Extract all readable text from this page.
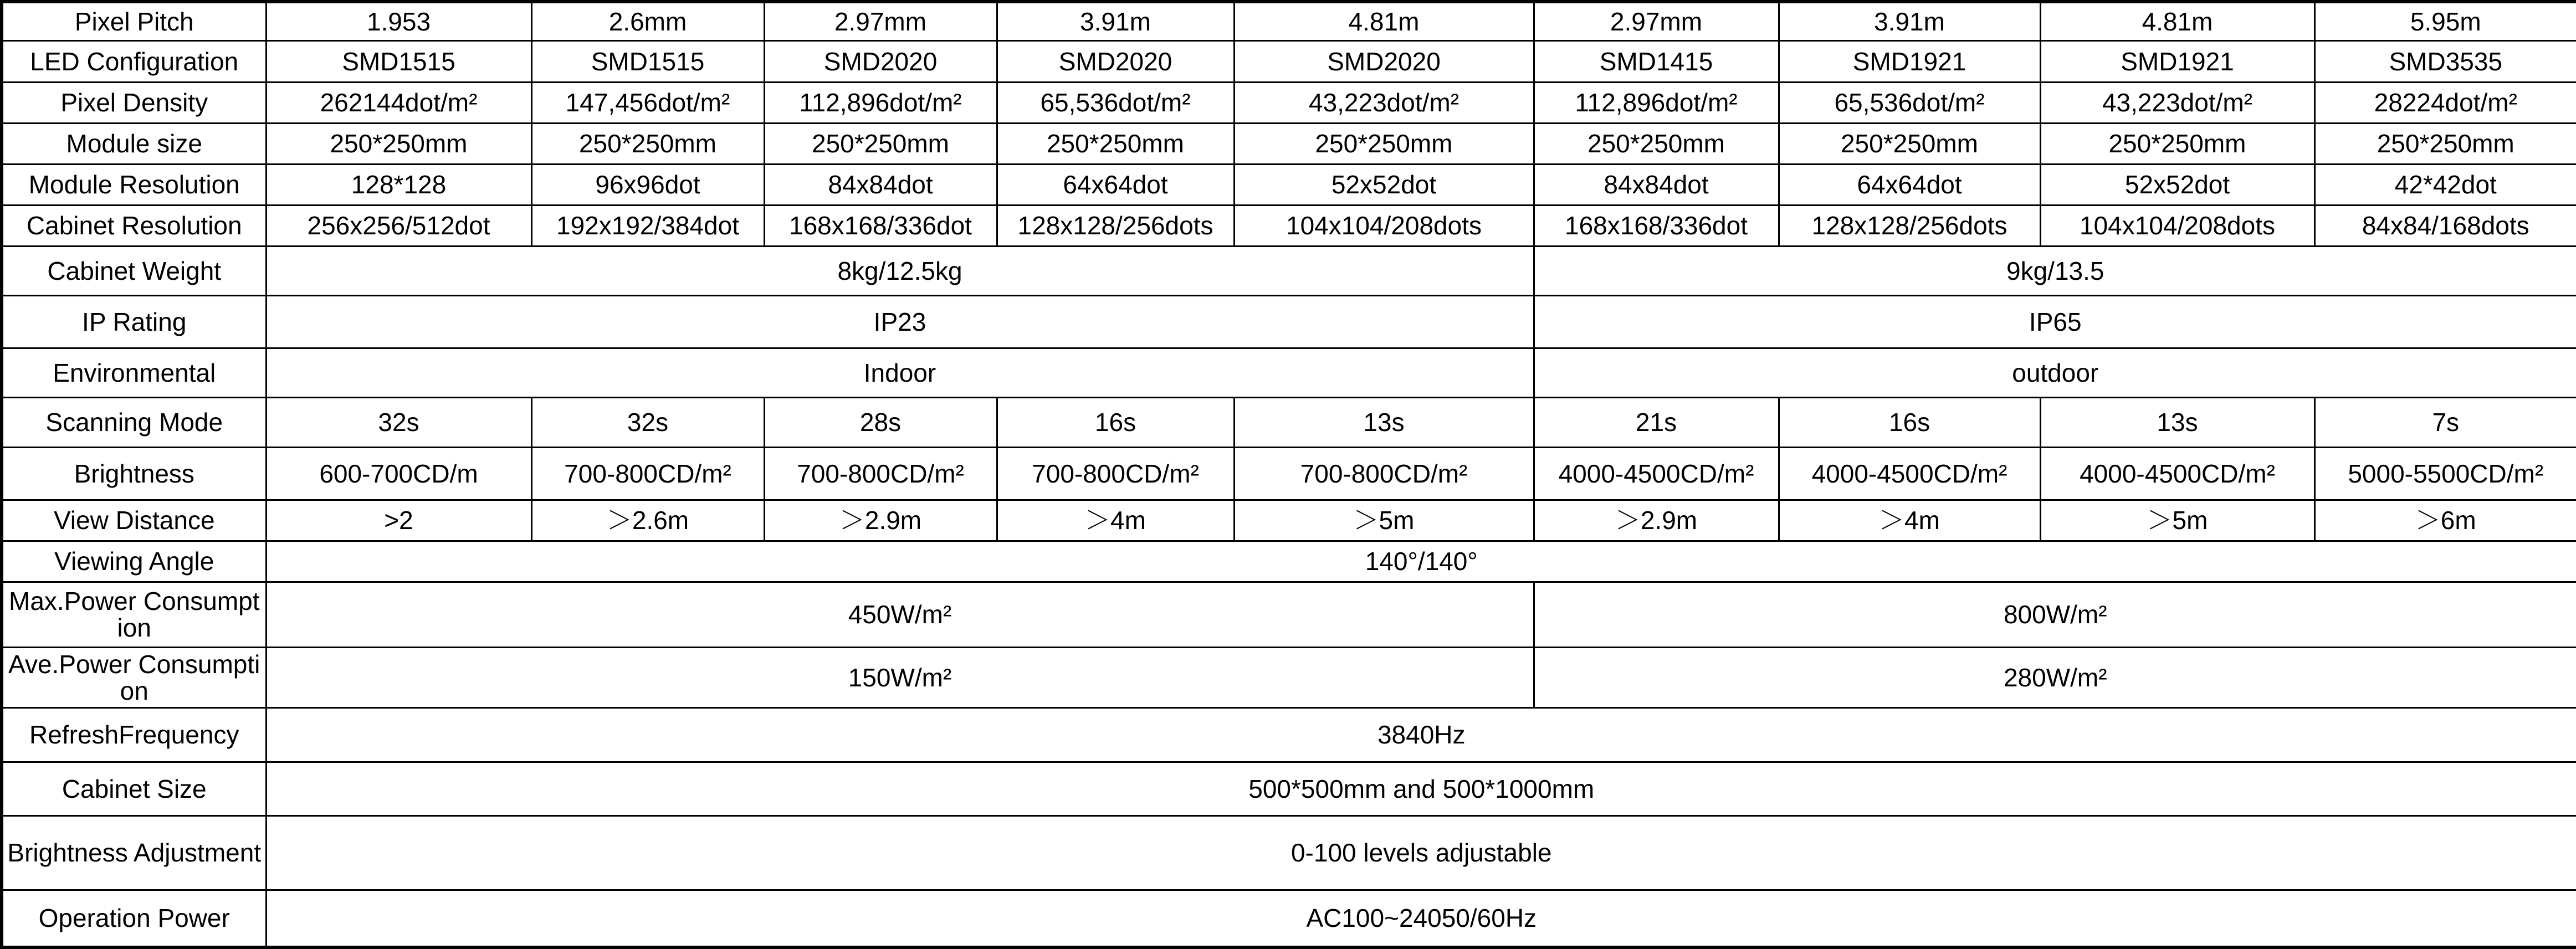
Pixel Pitch	1.953	2.6mm	2.97mm	3.91m	4.81m	2.97mm	3.91m	4.81m	5.95m
LED Configuration	SMD1515	SMD1515	SMD2020	SMD2020	SMD2020	SMD1415	SMD1921	SMD1921	SMD3535
Pixel Density	262144dot/m²	147,456dot/m²	112,896dot/m²	65,536dot/m²	43,223dot/m²	112,896dot/m²	65,536dot/m²	43,223dot/m²	28224dot/m²
Module size	250*250mm	250*250mm	250*250mm	250*250mm	250*250mm	250*250mm	250*250mm	250*250mm	250*250mm
Module Resolution	128*128	96x96dot	84x84dot	64x64dot	52x52dot	84x84dot	64x64dot	52x52dot	42*42dot
Cabinet Resolution	256x256/512dot	192x192/384dot	168x168/336dot	128x128/256dots	104x104/208dots	168x168/336dot	128x128/256dots	104x104/208dots	84x84/168dots
Cabinet Weight	8kg/12.5kg					9kg/13.5			
IP Rating	IP23					IP65			
Environmental	Indoor					outdoor			
Scanning Mode	32s	32s	28s	16s	13s	21s	16s	13s	7s
Brightness	600-700CD/m	700-800CD/m²	700-800CD/m²	700-800CD/m²	700-800CD/m²	4000-4500CD/m²	4000-4500CD/m²	4000-4500CD/m²	5000-5500CD/m²
View Distance	>2	＞2.6m	＞2.9m	＞4m	＞5m	＞2.9m	＞4m	＞5m	＞6m
Viewing Angle	140°/140°								
Max.Power Consumption	450W/m²					800W/m²			
Ave.Power Consumption	150W/m²					280W/m²			
RefreshFrequency	3840Hz								
Cabinet Size	500*500mm and 500*1000mm								
Brightness Adjustment	0-100 levels adjustable								
Operation Power	AC100~24050/60Hz								
